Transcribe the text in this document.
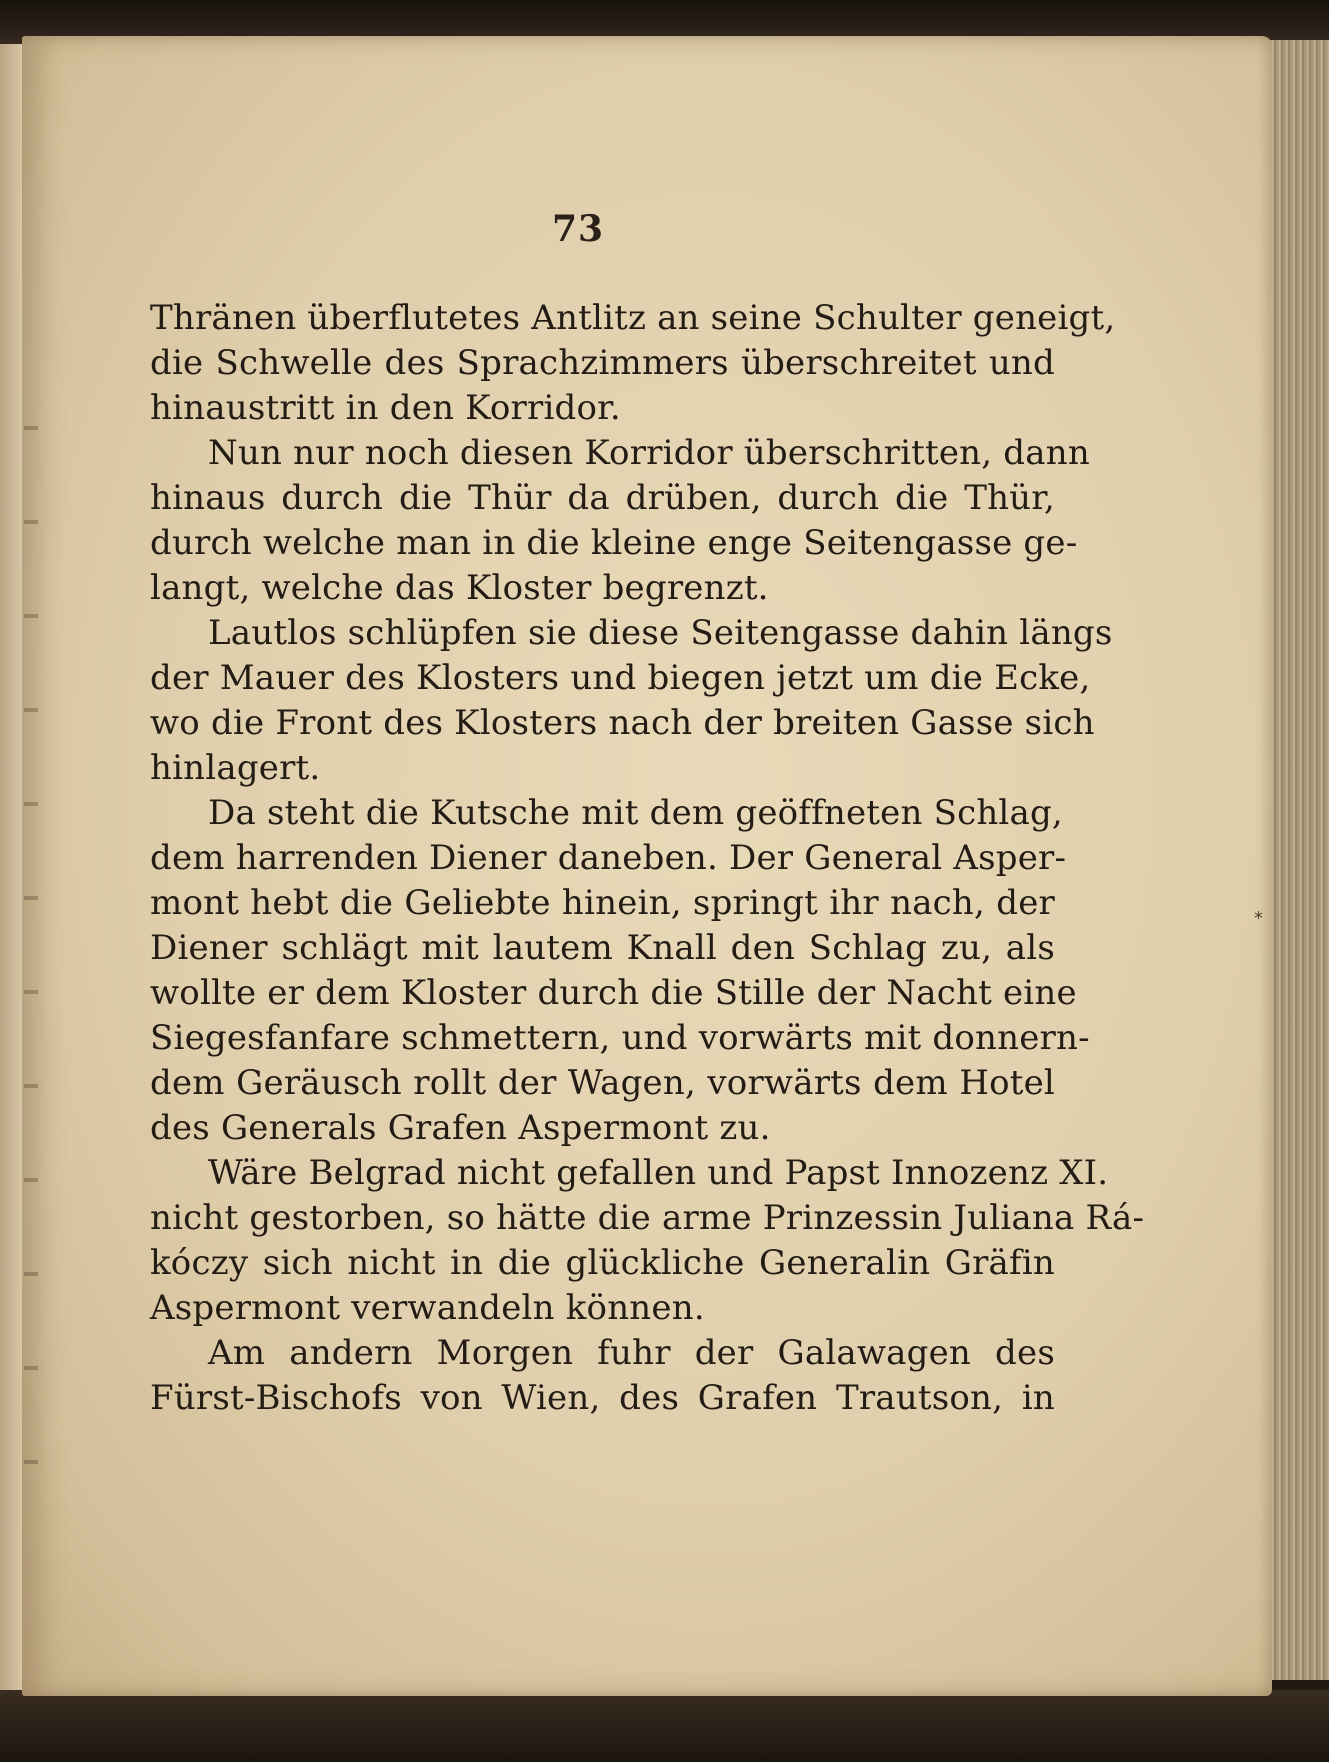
73
Thränen überflutetes Antlitz an seine Schulter geneigt,
die Schwelle des Sprachzimmers überschreitet und
hinaustritt in den Korridor.
Nun nur noch diesen Korridor überschritten, dann
hinaus durch die Thür da drüben, durch die Thür,
durch welche man in die kleine enge Seitengasse ge-
langt, welche das Kloster begrenzt.
Lautlos schlüpfen sie diese Seitengasse dahin längs
der Mauer des Klosters und biegen jetzt um die Ecke,
wo die Front des Klosters nach der breiten Gasse sich
hinlagert.
Da steht die Kutsche mit dem geöffneten Schlag,
dem harrenden Diener daneben. Der General Asper-
mont hebt die Geliebte hinein, springt ihr nach, der
Diener schlägt mit lautem Knall den Schlag zu, als
wollte er dem Kloster durch die Stille der Nacht eine
Siegesfanfare schmettern, und vorwärts mit donnern-
dem Geräusch rollt der Wagen, vorwärts dem Hotel
des Generals Grafen Aspermont zu.
Wäre Belgrad nicht gefallen und Papst Innozenz XI.
nicht gestorben, so hätte die arme Prinzessin Juliana Rá-
kóczy sich nicht in die glückliche Generalin Gräfin
Aspermont verwandeln können.
Am andern Morgen fuhr der Galawagen des
Fürst-Bischofs von Wien, des Grafen Trautson, in
*
